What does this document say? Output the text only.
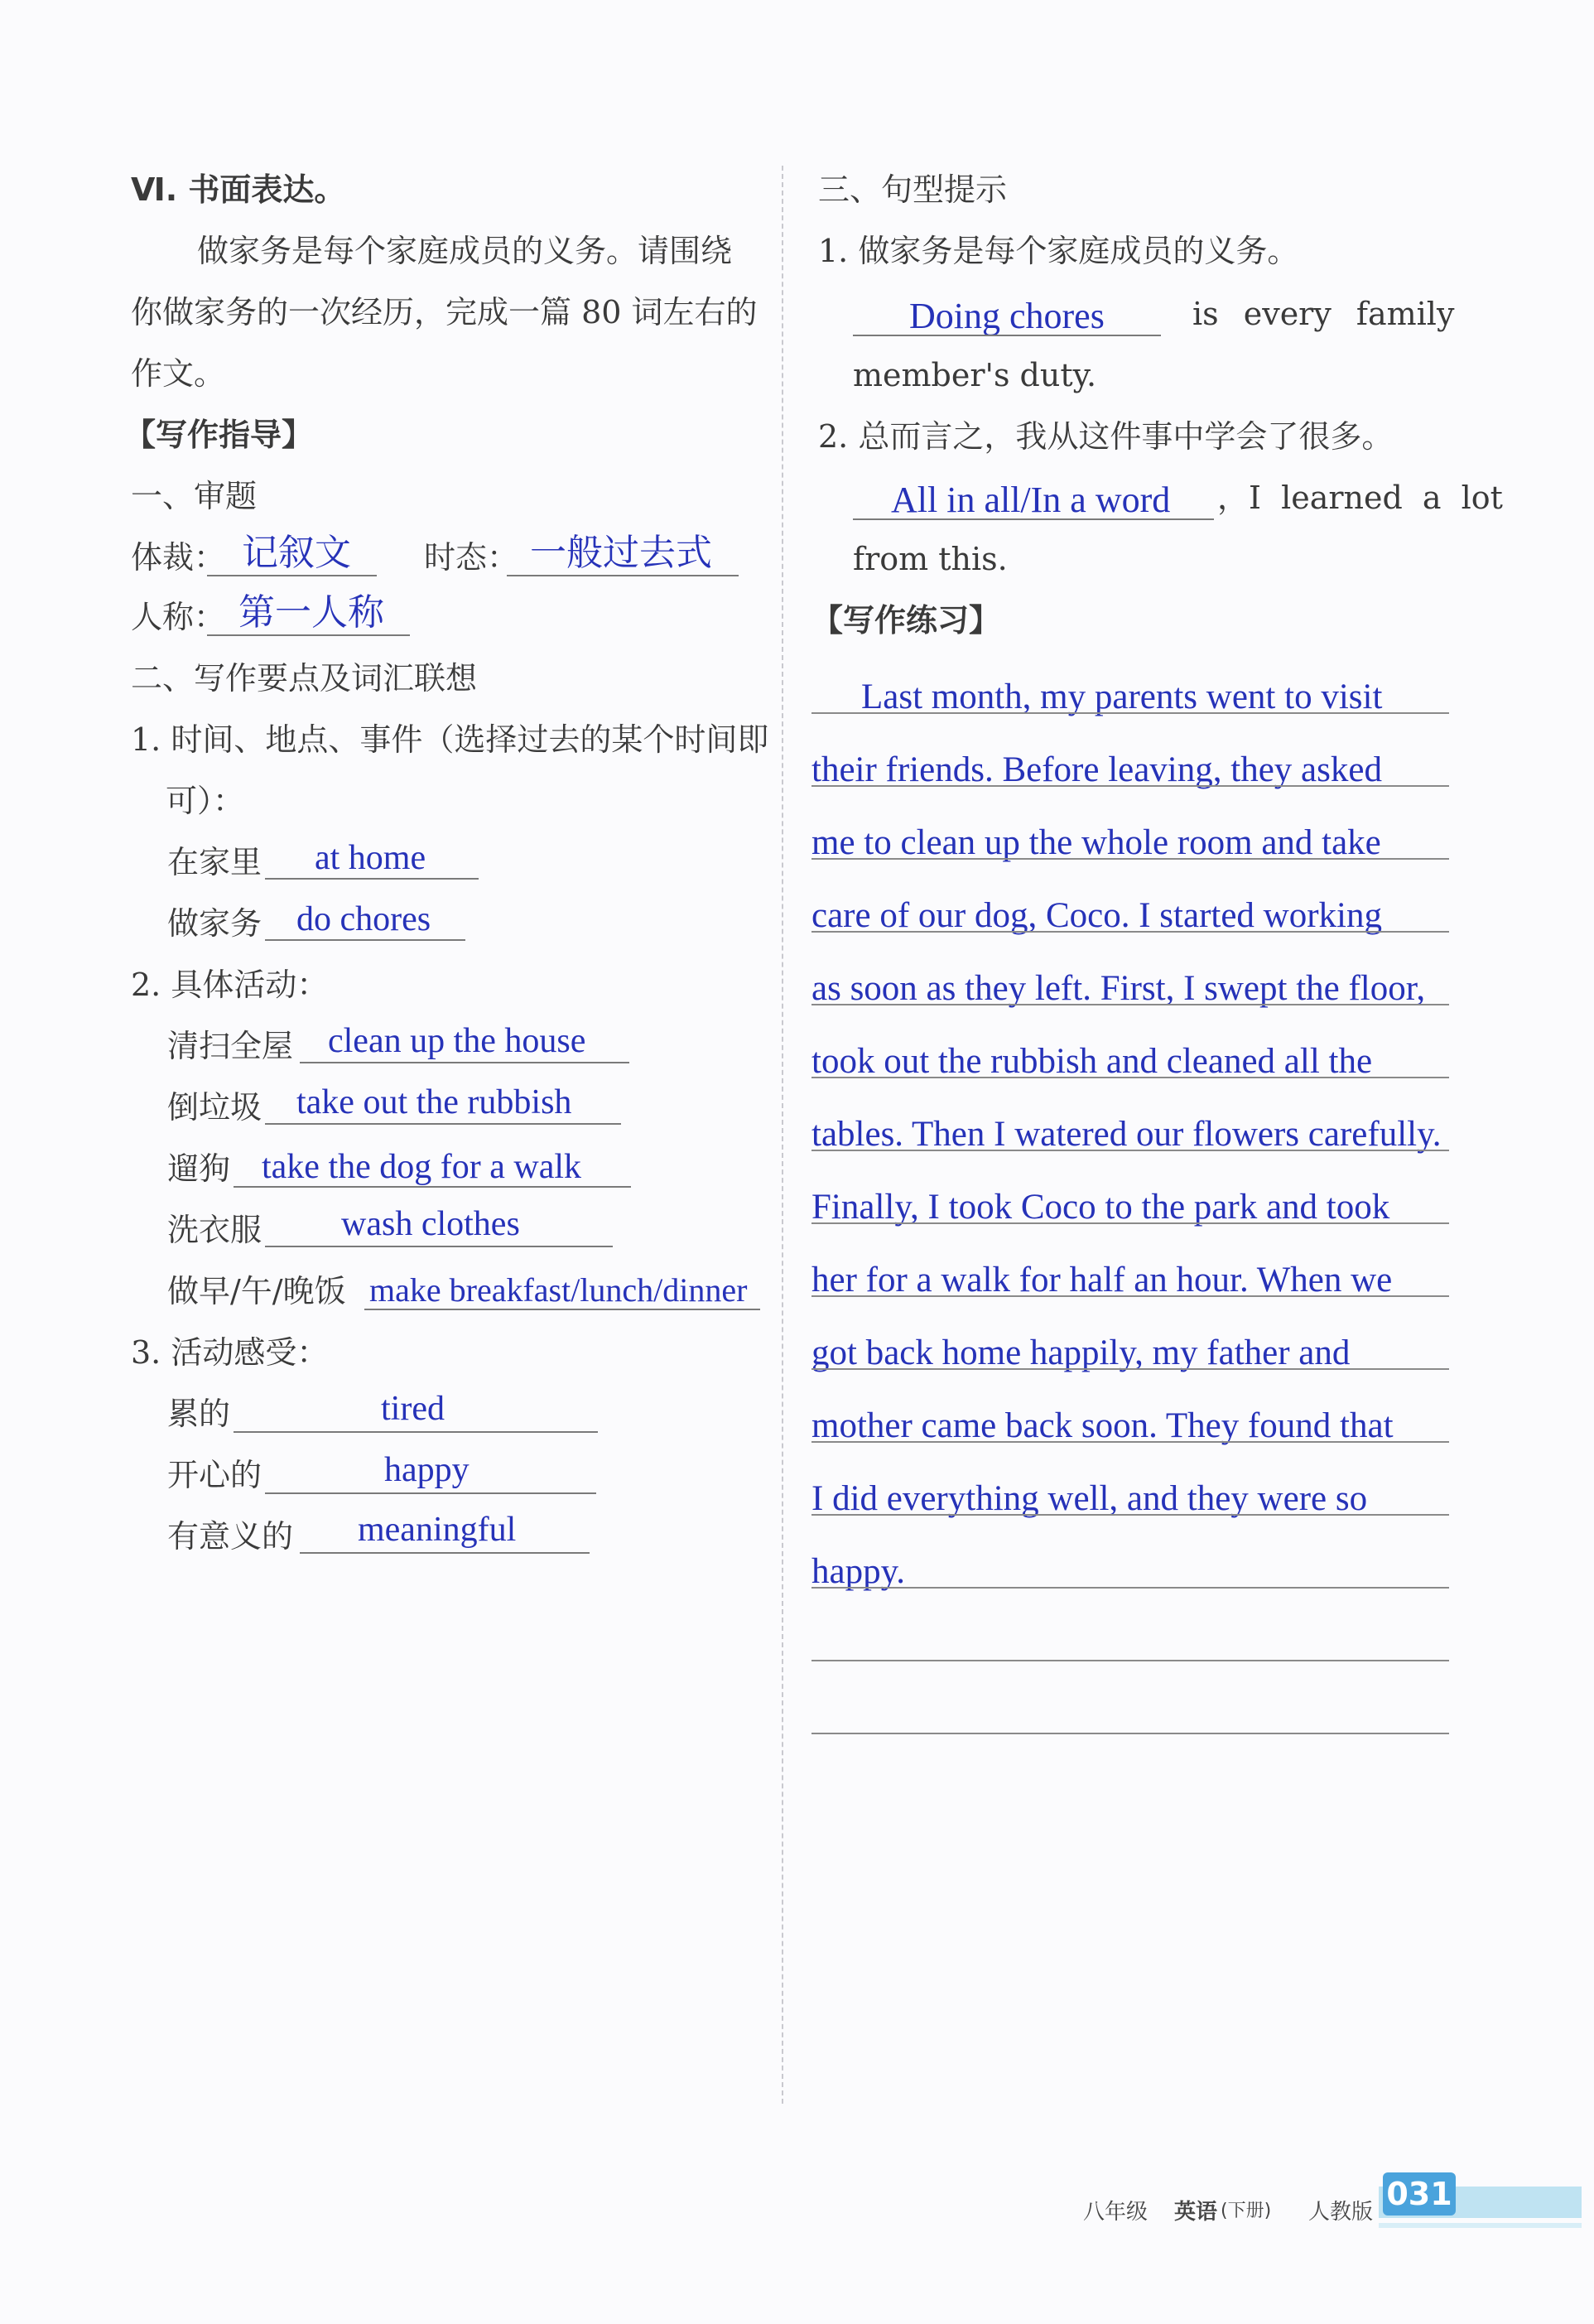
Ⅵ. 书面表达。
做家务是每个家庭成员的义务。请围绕
你做家务的一次经历，完成一篇 80 词左右的
作文。
【写作指导】
一、审题
体裁： 记叙文 时态： 一般过去式
人称： 第一人称
二、写作要点及词汇联想
1. 时间、地点、事件（选择过去的某个时间即
可）：
在家里 at home
做家务 do chores
2. 具体活动：
清扫全屋 clean up the house
倒垃圾 take out the rubbish
遛狗 take the dog for a walk
洗衣服 wash clothes
做早/午/晚饭 make breakfast/lunch/dinner
3. 活动感受：
累的	tired
开心的	happy
有意义的 meaningful
三、句型提示
1. 做家务是每个家庭成员的义务。
Doing chores	is every family
member's duty.
2. 总而言之，我从这件事中学会了很多。
All in all/In a word ，I learned a lot
from this.
【写作练习】
Last month, my parents went to visit
their friends. Before leaving, they asked
me to clean up the whole room and take
care of our dog, Coco. I started working
as soon as they left. First, I swept the floor,
took out the rubbish and cleaned all the
tables. Then I watered our flowers carefully.
Finally, I took Coco to the park and took
her for a walk for half an hour. When we
got back home happily, my father and
mother came back soon. They found that
I did everything well, and they were so
happy.
八年级 英语 (下册) 人教版 031
